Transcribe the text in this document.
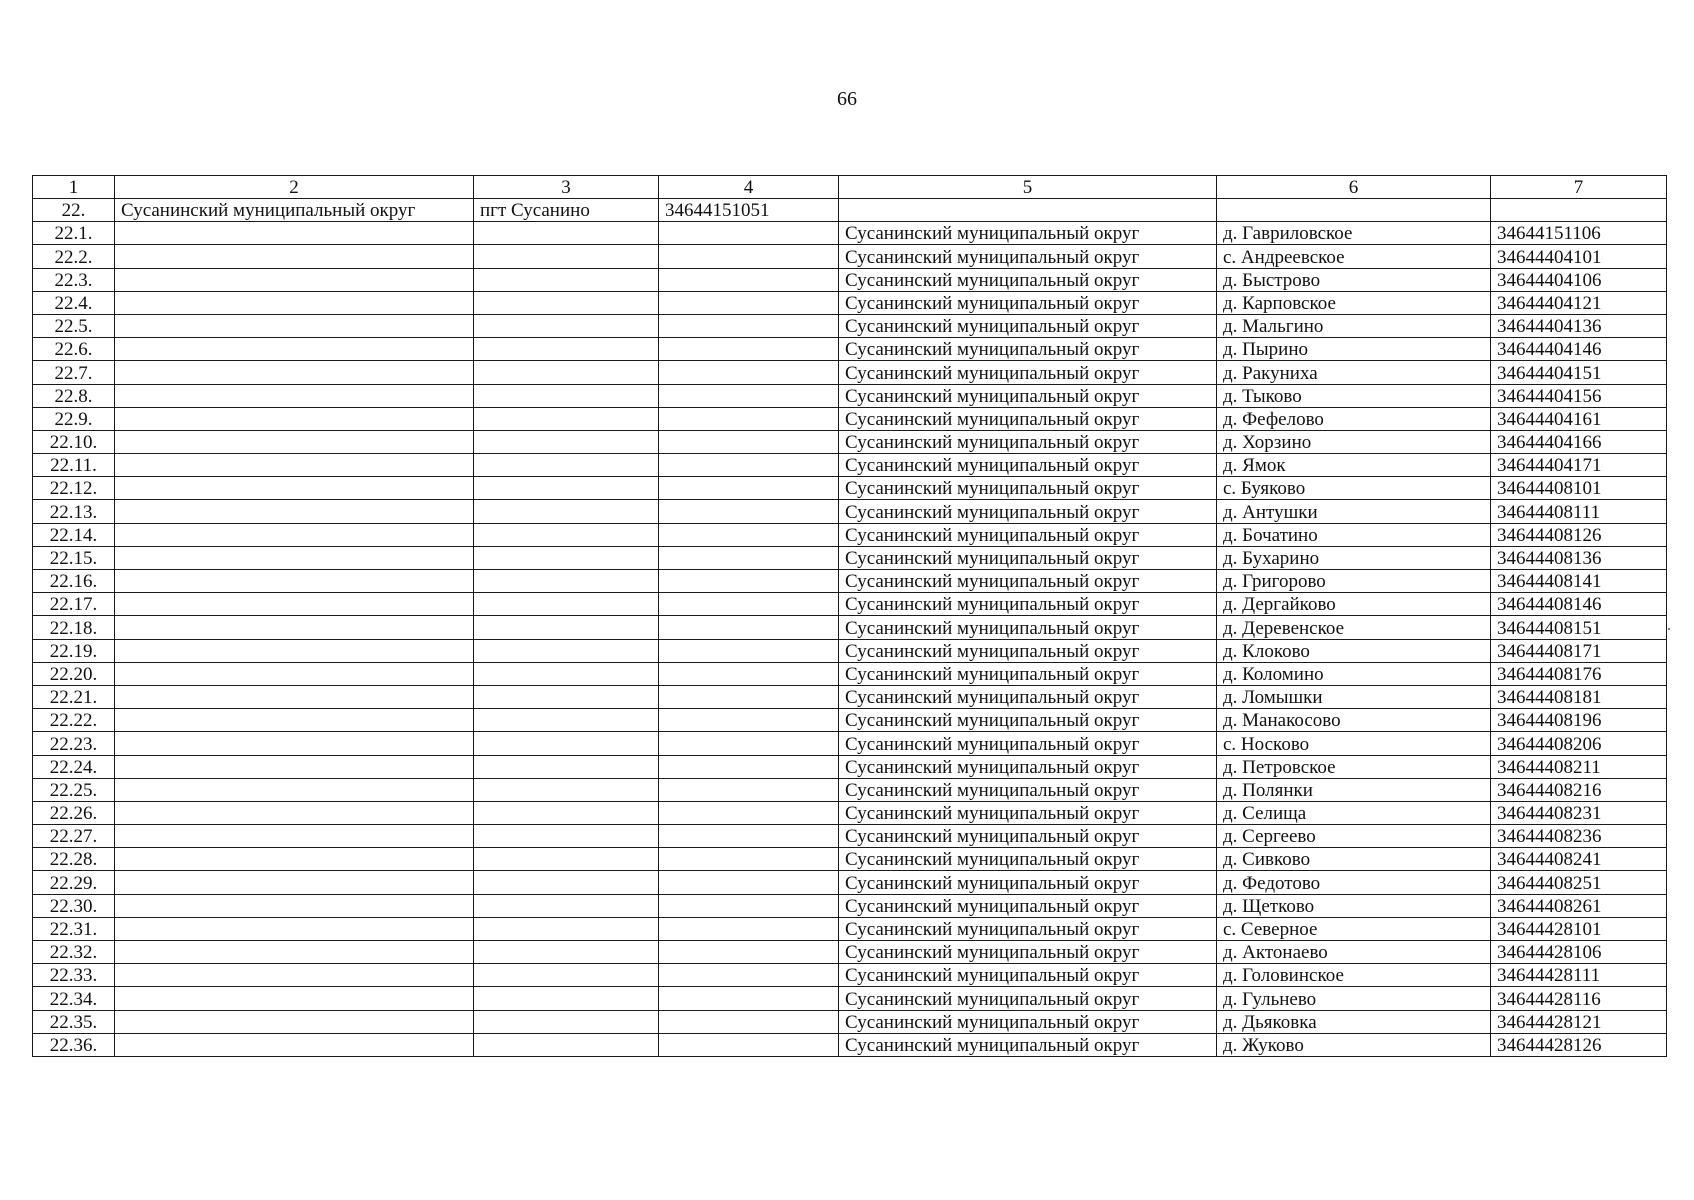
66
1	2	3	4	5	6	7
22.	Сусанинский муниципальный округ	пгт Сусанино	34644151051			
22.1.				Сусанинский муниципальный округ	д. Гавриловское	34644151106
22.2.				Сусанинский муниципальный округ	с. Андреевское	34644404101
22.3.				Сусанинский муниципальный округ	д. Быстрово	34644404106
22.4.				Сусанинский муниципальный округ	д. Карповское	34644404121
22.5.				Сусанинский муниципальный округ	д. Мальгино	34644404136
22.6.				Сусанинский муниципальный округ	д. Пырино	34644404146
22.7.				Сусанинский муниципальный округ	д. Ракуниха	34644404151
22.8.				Сусанинский муниципальный округ	д. Тыково	34644404156
22.9.				Сусанинский муниципальный округ	д. Фефелово	34644404161
22.10.				Сусанинский муниципальный округ	д. Хорзино	34644404166
22.11.				Сусанинский муниципальный округ	д. Ямок	34644404171
22.12.				Сусанинский муниципальный округ	с. Буяково	34644408101
22.13.				Сусанинский муниципальный округ	д. Антушки	34644408111
22.14.				Сусанинский муниципальный округ	д. Бочатино	34644408126
22.15.				Сусанинский муниципальный округ	д. Бухарино	34644408136
22.16.				Сусанинский муниципальный округ	д. Григорово	34644408141
22.17.				Сусанинский муниципальный округ	д. Дергайково	34644408146
22.18.				Сусанинский муниципальный округ	д. Деревенское	34644408151
22.19.				Сусанинский муниципальный округ	д. Клоково	34644408171
22.20.				Сусанинский муниципальный округ	д. Коломино	34644408176
22.21.				Сусанинский муниципальный округ	д. Ломышки	34644408181
22.22.				Сусанинский муниципальный округ	д. Манакосово	34644408196
22.23.				Сусанинский муниципальный округ	с. Носково	34644408206
22.24.				Сусанинский муниципальный округ	д. Петровское	34644408211
22.25.				Сусанинский муниципальный округ	д. Полянки	34644408216
22.26.				Сусанинский муниципальный округ	д. Селища	34644408231
22.27.				Сусанинский муниципальный округ	д. Сергеево	34644408236
22.28.				Сусанинский муниципальный округ	д. Сивково	34644408241
22.29.				Сусанинский муниципальный округ	д. Федотово	34644408251
22.30.				Сусанинский муниципальный округ	д. Щетково	34644408261
22.31.				Сусанинский муниципальный округ	с. Северное	34644428101
22.32.				Сусанинский муниципальный округ	д. Актонаево	34644428106
22.33.				Сусанинский муниципальный округ	д. Головинское	34644428111
22.34.				Сусанинский муниципальный округ	д. Гульнево	34644428116
22.35.				Сусанинский муниципальный округ	д. Дьяковка	34644428121
22.36.				Сусанинский муниципальный округ	д. Жуково	34644428126
